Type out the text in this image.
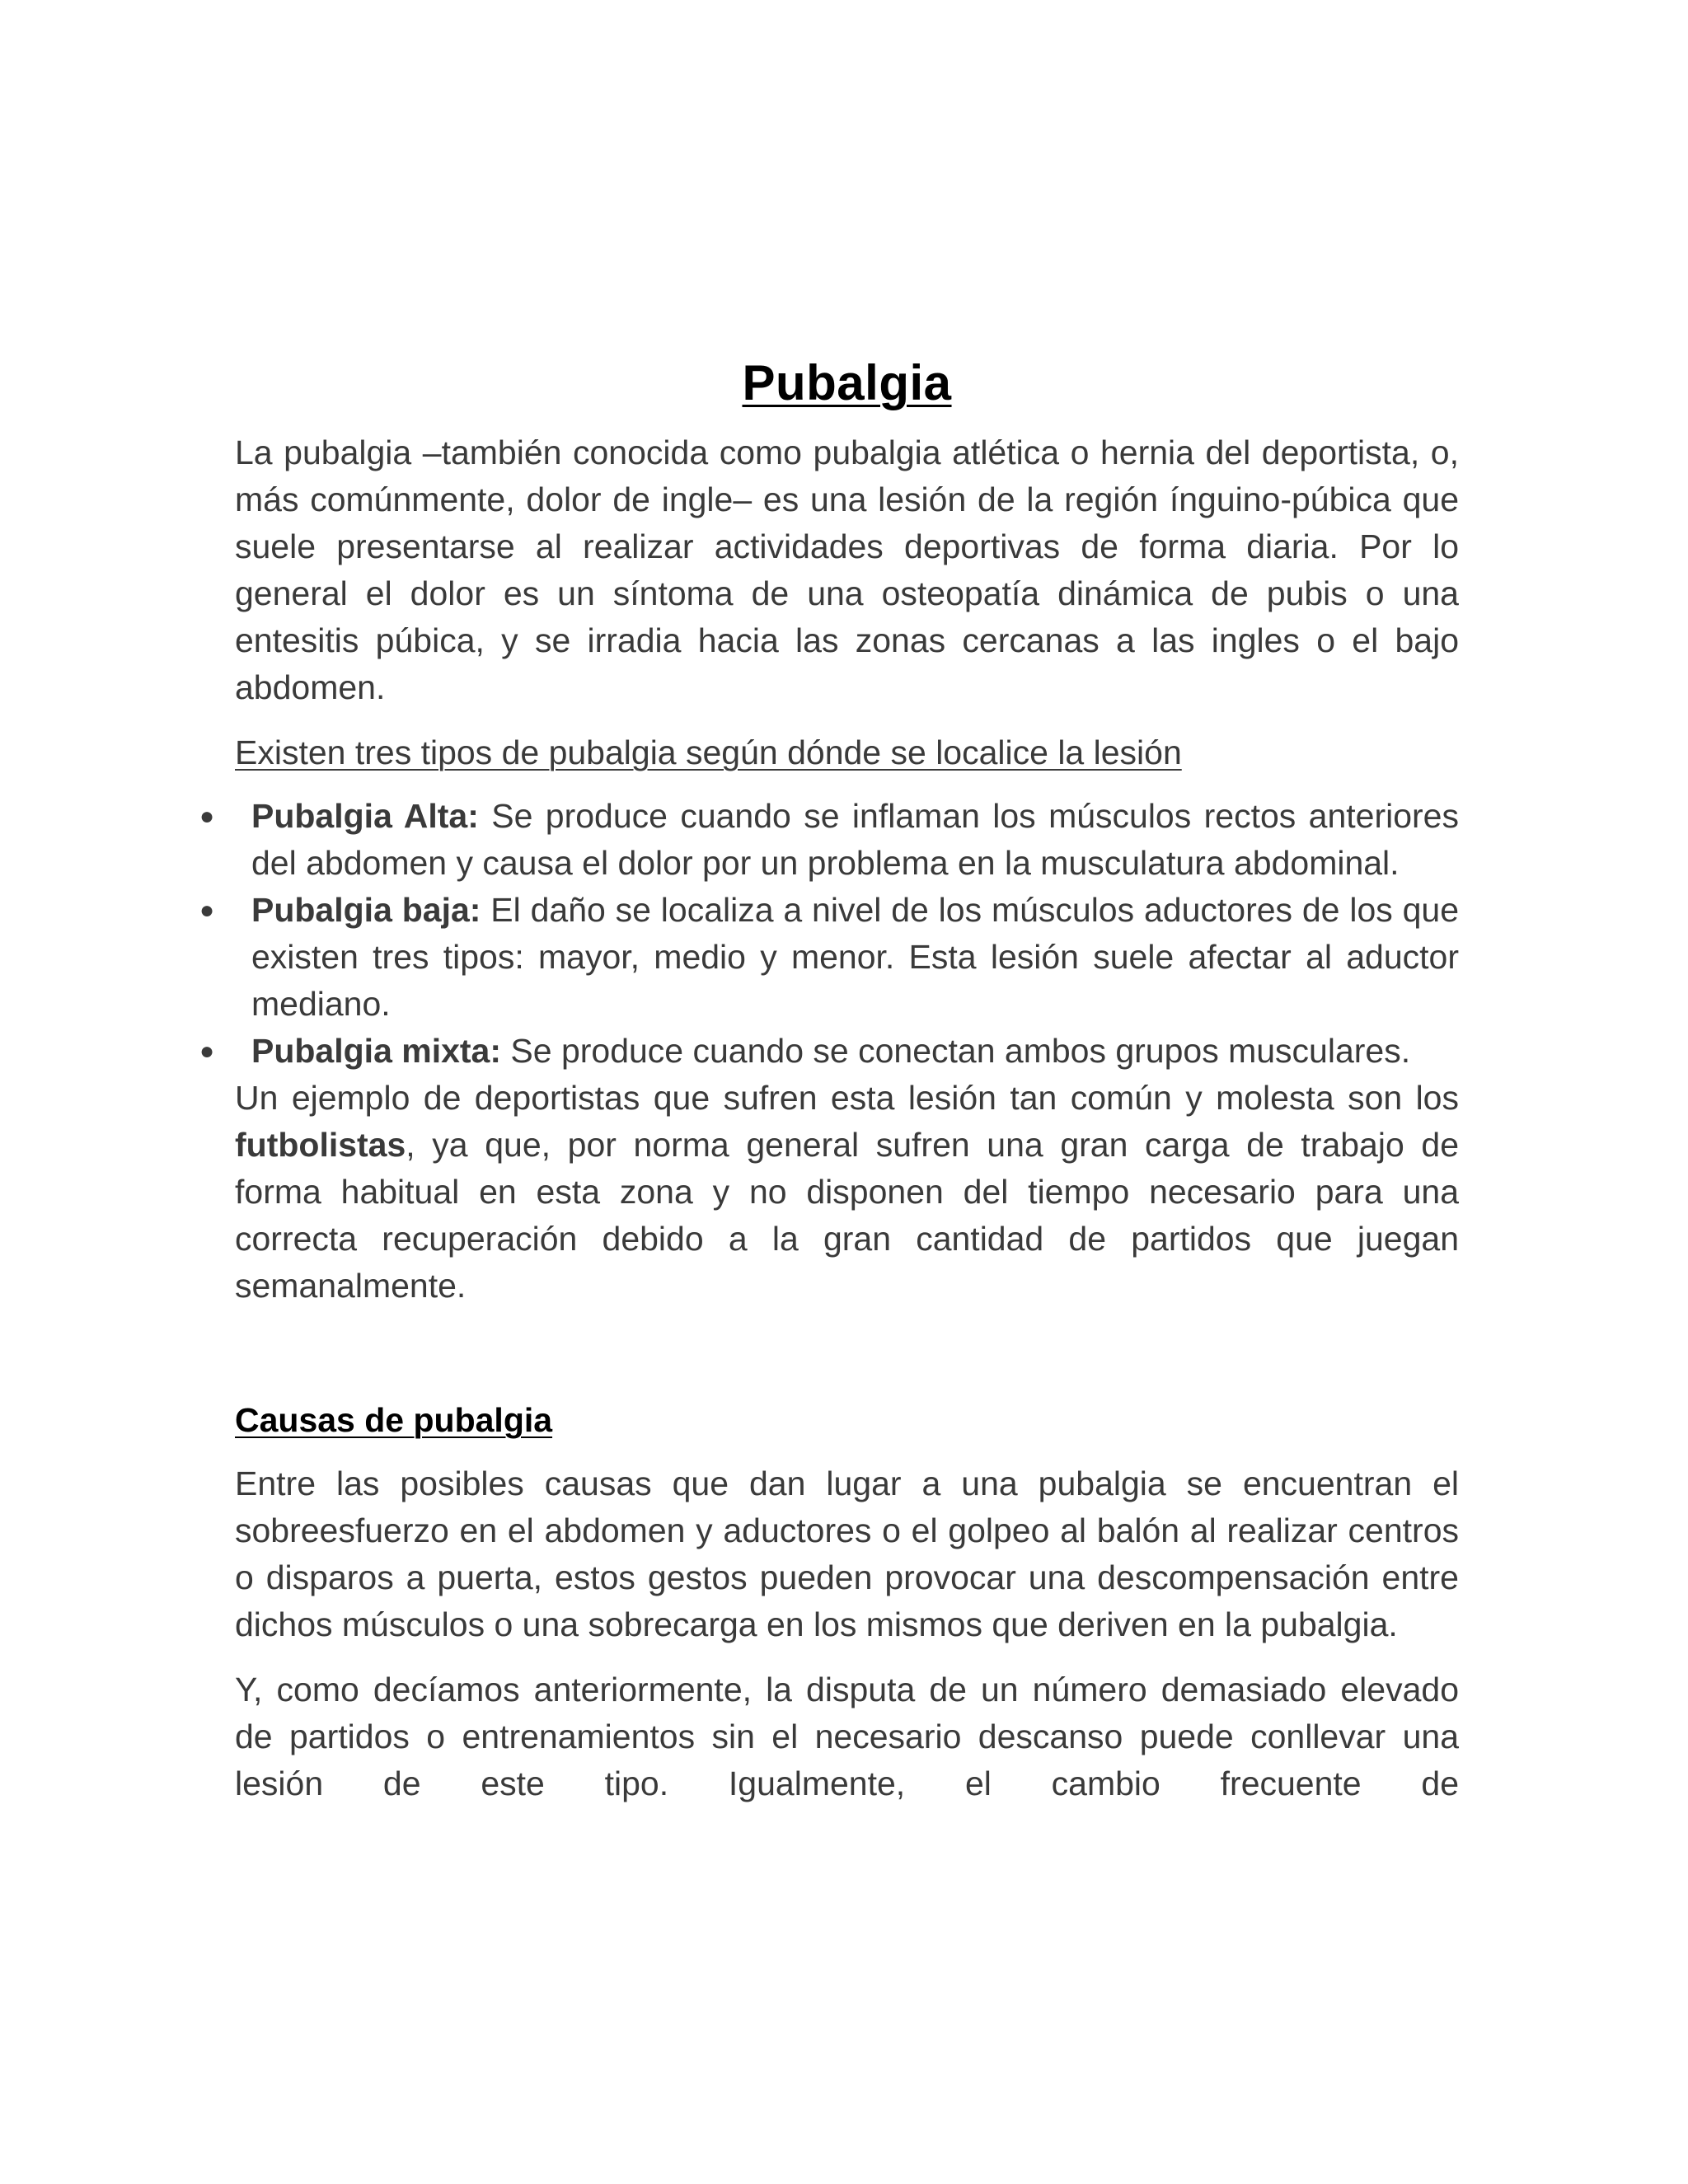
Pubalgia

La pubalgia –también conocida como pubalgia atlética o hernia del deportista, o, más comúnmente, dolor de ingle– es una lesión de la región ínguino-púbica que suele presentarse al realizar actividades deportivas de forma diaria. Por lo general el dolor es un síntoma de una osteopatía dinámica de pubis o una entesitis púbica, y se irradia hacia las zonas cercanas a las ingles o el bajo abdomen.

Existen tres tipos de pubalgia según dónde se localice la lesión

● Pubalgia Alta: Se produce cuando se inflaman los músculos rectos anteriores del abdomen y causa el dolor por un problema en la musculatura abdominal.
● Pubalgia baja: El daño se localiza a nivel de los músculos aductores de los que existen tres tipos: mayor, medio y menor. Esta lesión suele afectar al aductor mediano.
● Pubalgia mixta: Se produce cuando se conectan ambos grupos musculares.

Un ejemplo de deportistas que sufren esta lesión tan común y molesta son los futbolistas, ya que, por norma general sufren una gran carga de trabajo de forma habitual en esta zona y no disponen del tiempo necesario para una correcta recuperación debido a la gran cantidad de partidos que juegan semanalmente.

Causas de pubalgia

Entre las posibles causas que dan lugar a una pubalgia se encuentran el sobreesfuerzo en el abdomen y aductores o el golpeo al balón al realizar centros o disparos a puerta, estos gestos pueden provocar una descompensación entre dichos músculos o una sobrecarga en los mismos que deriven en la pubalgia.

Y, como decíamos anteriormente, la disputa de un número demasiado elevado de partidos o entrenamientos sin el necesario descanso puede conllevar una lesión de este tipo. Igualmente, el cambio frecuente de
